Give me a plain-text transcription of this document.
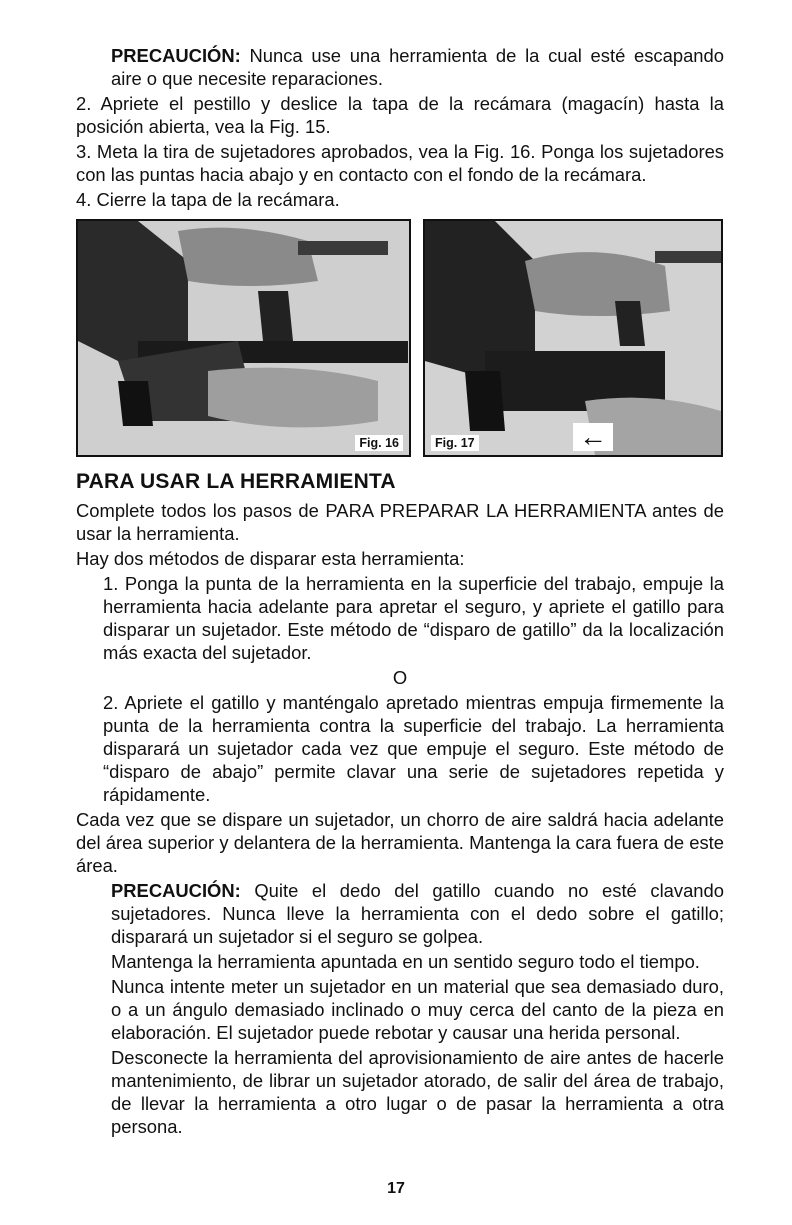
PRECAUCIÓN: Nunca use una herramienta de la cual esté escapando aire o que necesite reparaciones.

2. Apriete el pestillo y deslice la tapa de la recámara (magacín) hasta la posición abierta, vea la Fig. 15.

3. Meta la tira de sujetadores aprobados, vea la Fig. 16. Ponga los sujetadores con las puntas hacia abajo y en contacto con el fondo de la recámara.

4. Cierre la tapa de la recámara.

Fig. 16	Fig. 17	←
PARA USAR LA HERRAMIENTA

Complete todos los pasos de PARA PREPARAR LA HERRAMIENTA antes de usar la herramienta.

Hay dos métodos de disparar esta herramienta:

1. Ponga la punta de la herramienta en la superficie del trabajo, empuje la herramienta hacia adelante para apretar el seguro, y apriete el gatillo para disparar un sujetador. Este método de “disparo de gatillo” da la localización más exacta del sujetador.

O

2. Apriete el gatillo y manténgalo apretado mientras empuja firmemente la punta de la herramienta contra la superficie del trabajo. La herramienta disparará un sujetador cada vez que empuje el seguro. Este método de “disparo de abajo” permite clavar una serie de sujetadores repetida y rápidamente.

Cada vez que se dispare un sujetador, un chorro de aire saldrá hacia adelante del área superior y delantera de la herramienta. Mantenga la cara fuera de este área.

PRECAUCIÓN: Quite el dedo del gatillo cuando no esté clavando sujetadores. Nunca lleve la herramienta con el dedo sobre el gatillo; disparará un sujetador si el seguro se golpea.

Mantenga la herramienta apuntada en un sentido seguro todo el tiempo.

Nunca intente meter un sujetador en un material que sea demasiado duro, o a un ángulo demasiado inclinado o muy cerca del canto de la pieza en elaboración. El sujetador puede rebotar y causar una herida personal.

Desconecte la herramienta del aprovisionamiento de aire antes de hacerle mantenimiento, de librar un sujetador atorado, de salir del área de trabajo, de llevar la herramienta a otro lugar o de pasar la herramienta a otra persona.

17
